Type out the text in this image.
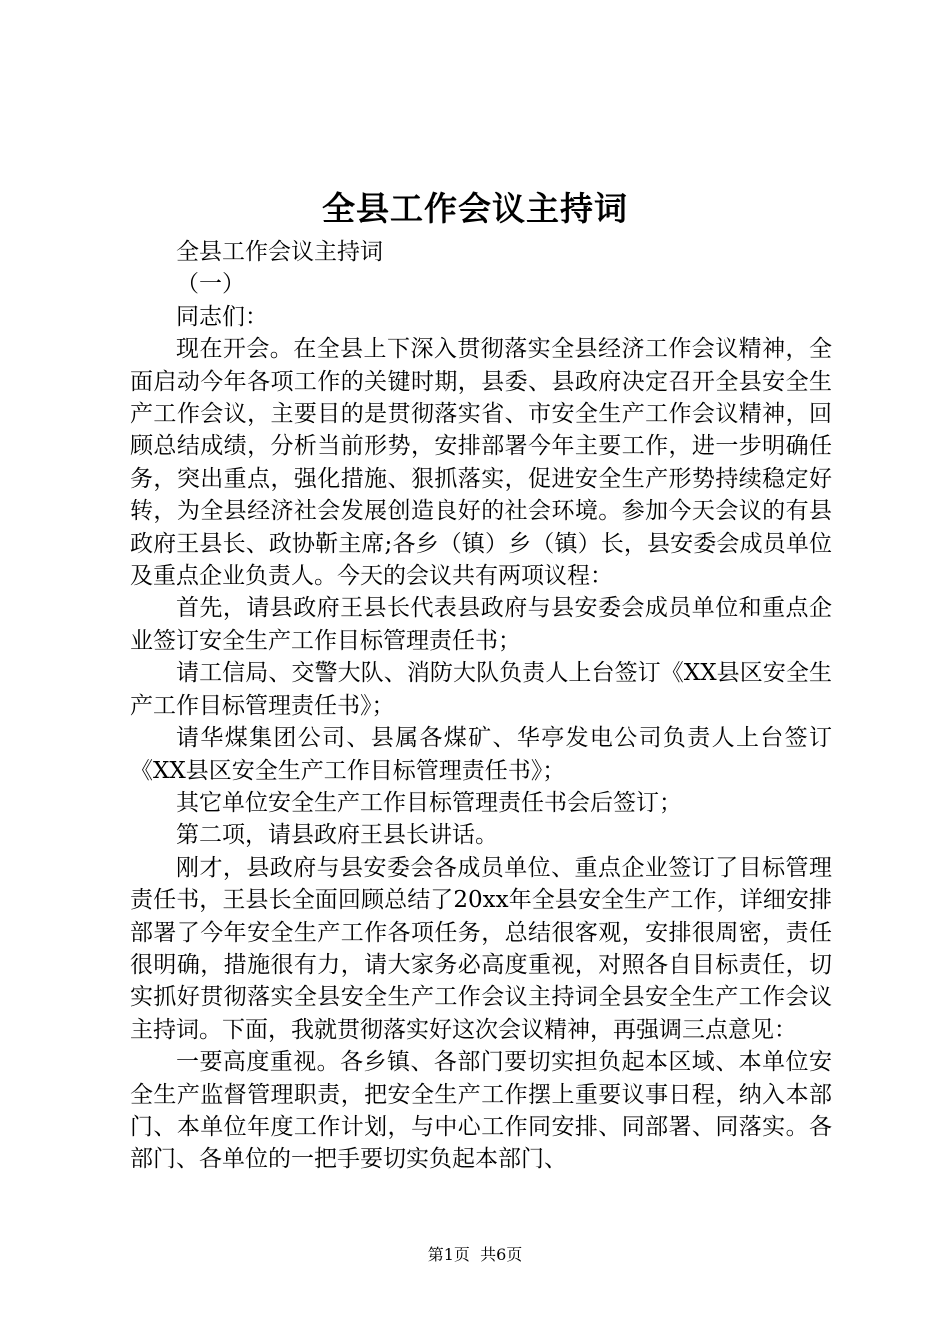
全县工作会议主持词

全县工作会议主持词

（一）

同志们：

现在开会。在全县上下深入贯彻落实全县经济工作会议精神，全面启动今年各项工作的关键时期，县委、县政府决定召开全县安全生产工作会议，主要目的是贯彻落实省、市安全生产工作会议精神，回顾总结成绩，分析当前形势，安排部署今年主要工作，进一步明确任务，突出重点，强化措施、狠抓落实，促进安全生产形势持续稳定好转，为全县经济社会发展创造良好的社会环境。参加今天会议的有县政府王县长、政协靳主席;各乡（镇）乡（镇）长，县安委会成员单位及重点企业负责人。今天的会议共有两项议程：

首先，请县政府王县长代表县政府与县安委会成员单位和重点企业签订安全生产工作目标管理责任书；

请工信局、交警大队、消防大队负责人上台签订《XX县区安全生产工作目标管理责任书》；

请华煤集团公司、县属各煤矿、华亭发电公司负责人上台签订《XX县区安全生产工作目标管理责任书》；

其它单位安全生产工作目标管理责任书会后签订；

第二项，请县政府王县长讲话。

刚才，县政府与县安委会各成员单位、重点企业签订了目标管理责任书，王县长全面回顾总结了20xx年全县安全生产工作，详细安排部署了今年安全生产工作各项任务，总结很客观，安排很周密，责任很明确，措施很有力，请大家务必高度重视，对照各自目标责任，切实抓好贯彻落实全县安全生产工作会议主持词全县安全生产工作会议主持词。下面，我就贯彻落实好这次会议精神，再强调三点意见：

一要高度重视。各乡镇、各部门要切实担负起本区域、本单位安全生产监督管理职责，把安全生产工作摆上重要议事日程，纳入本部门、本单位年度工作计划，与中心工作同安排、同部署、同落实。各部门、各单位的一把手要切实负起本部门、

第1页 共6页
